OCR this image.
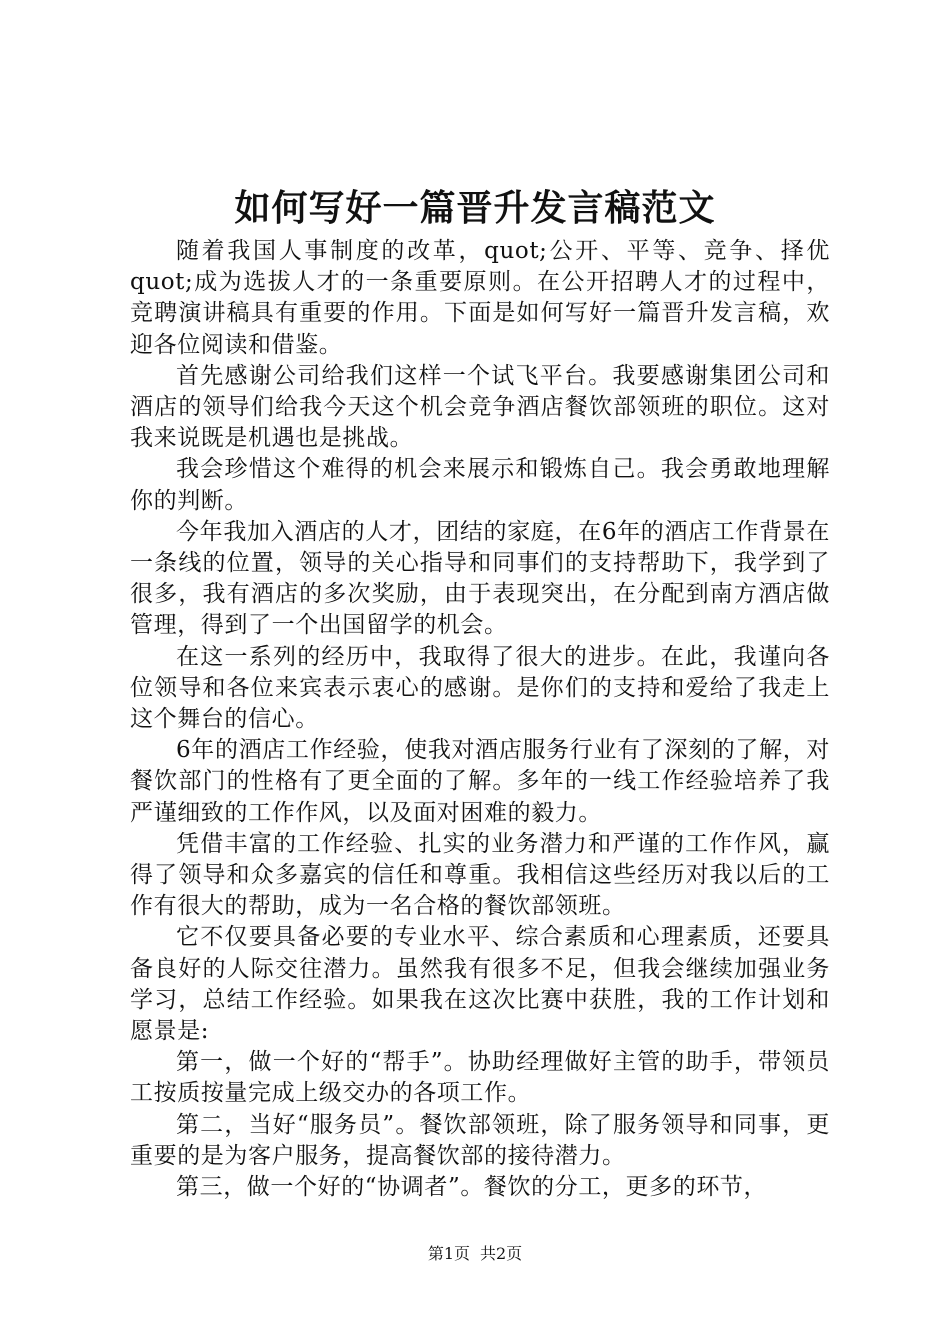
如何写好一篇晋升发言稿范文

随着我国人事制度的改革，quot;公开、平等、竞争、择优quot;成为选拔人才的一条重要原则。在公开招聘人才的过程中，竞聘演讲稿具有重要的作用。下面是如何写好一篇晋升发言稿，欢迎各位阅读和借鉴。

首先感谢公司给我们这样一个试飞平台。我要感谢集团公司和酒店的领导们给我今天这个机会竞争酒店餐饮部领班的职位。这对我来说既是机遇也是挑战。

我会珍惜这个难得的机会来展示和锻炼自己。我会勇敢地理解你的判断。

今年我加入酒店的人才，团结的家庭，在6年的酒店工作背景在一条线的位置，领导的关心指导和同事们的支持帮助下，我学到了很多，我有酒店的多次奖励，由于表现突出，在分配到南方酒店做管理，得到了一个出国留学的机会。

在这一系列的经历中，我取得了很大的进步。在此，我谨向各位领导和各位来宾表示衷心的感谢。是你们的支持和爱给了我走上这个舞台的信心。

6年的酒店工作经验，使我对酒店服务行业有了深刻的了解，对餐饮部门的性格有了更全面的了解。多年的一线工作经验培养了我严谨细致的工作作风，以及面对困难的毅力。

凭借丰富的工作经验、扎实的业务潜力和严谨的工作作风，赢得了领导和众多嘉宾的信任和尊重。我相信这些经历对我以后的工作有很大的帮助，成为一名合格的餐饮部领班。

它不仅要具备必要的专业水平、综合素质和心理素质，还要具备良好的人际交往潜力。虽然我有很多不足，但我会继续加强业务学习，总结工作经验。如果我在这次比赛中获胜，我的工作计划和愿景是:

第一，做一个好的“帮手”。协助经理做好主管的助手，带领员工按质按量完成上级交办的各项工作。

第二，当好“服务员”。餐饮部领班，除了服务领导和同事，更重要的是为客户服务，提高餐饮部的接待潜力。

第三，做一个好的“协调者”。餐饮的分工，更多的环节，

第1页 共2页
